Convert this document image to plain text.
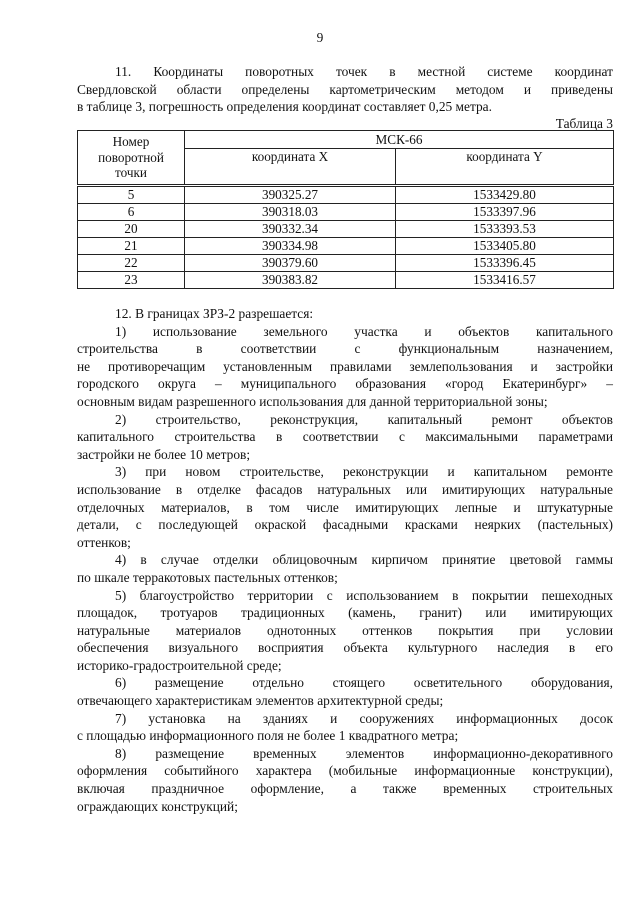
9
11. Координаты поворотных точек в местной системе координат
Свердловской области определены картометрическим методом и приведены
в таблице 3, погрешность определения координат составляет 0,25 метра.
Таблица 3
Номер
поворотной
точки	МСК-66	
	координата X	координата Y
5	390325.27	1533429.80
6	390318.03	1533397.96
20	390332.34	1533393.53
21	390334.98	1533405.80
22	390379.60	1533396.45
23	390383.82	1533416.57
12. В границах ЗРЗ-2 разрешается:
1) использование земельного участка и объектов капитального
строительства в соответствии с функциональным назначением,
не противоречащим установленным правилами землепользования и застройки
городского округа – муниципального образования «город Екатеринбург» –
основным видам разрешенного использования для данной территориальной зоны;
2) строительство, реконструкция, капитальный ремонт объектов
капитального строительства в соответствии с максимальными параметрами
застройки не более 10 метров;
3) при новом строительстве, реконструкции и капитальном ремонте
использование в отделке фасадов натуральных или имитирующих натуральные
отделочных материалов, в том числе имитирующих лепные и штукатурные
детали, с последующей окраской фасадными красками неярких (пастельных)
оттенков;
4) в случае отделки облицовочным кирпичом принятие цветовой гаммы
по шкале терракотовых пастельных оттенков;
5) благоустройство территории с использованием в покрытии пешеходных
площадок, тротуаров традиционных (камень, гранит) или имитирующих
натуральные материалов однотонных оттенков покрытия при условии
обеспечения визуального восприятия объекта культурного наследия в его
историко-градостроительной среде;
6) размещение отдельно стоящего осветительного оборудования,
отвечающего характеристикам элементов архитектурной среды;
7) установка на зданиях и сооружениях информационных досок
с площадью информационного поля не более 1 квадратного метра;
8) размещение временных элементов информационно-декоративного
оформления событийного характера (мобильные информационные конструкции),
включая праздничное оформление, а также временных строительных
ограждающих конструкций;
